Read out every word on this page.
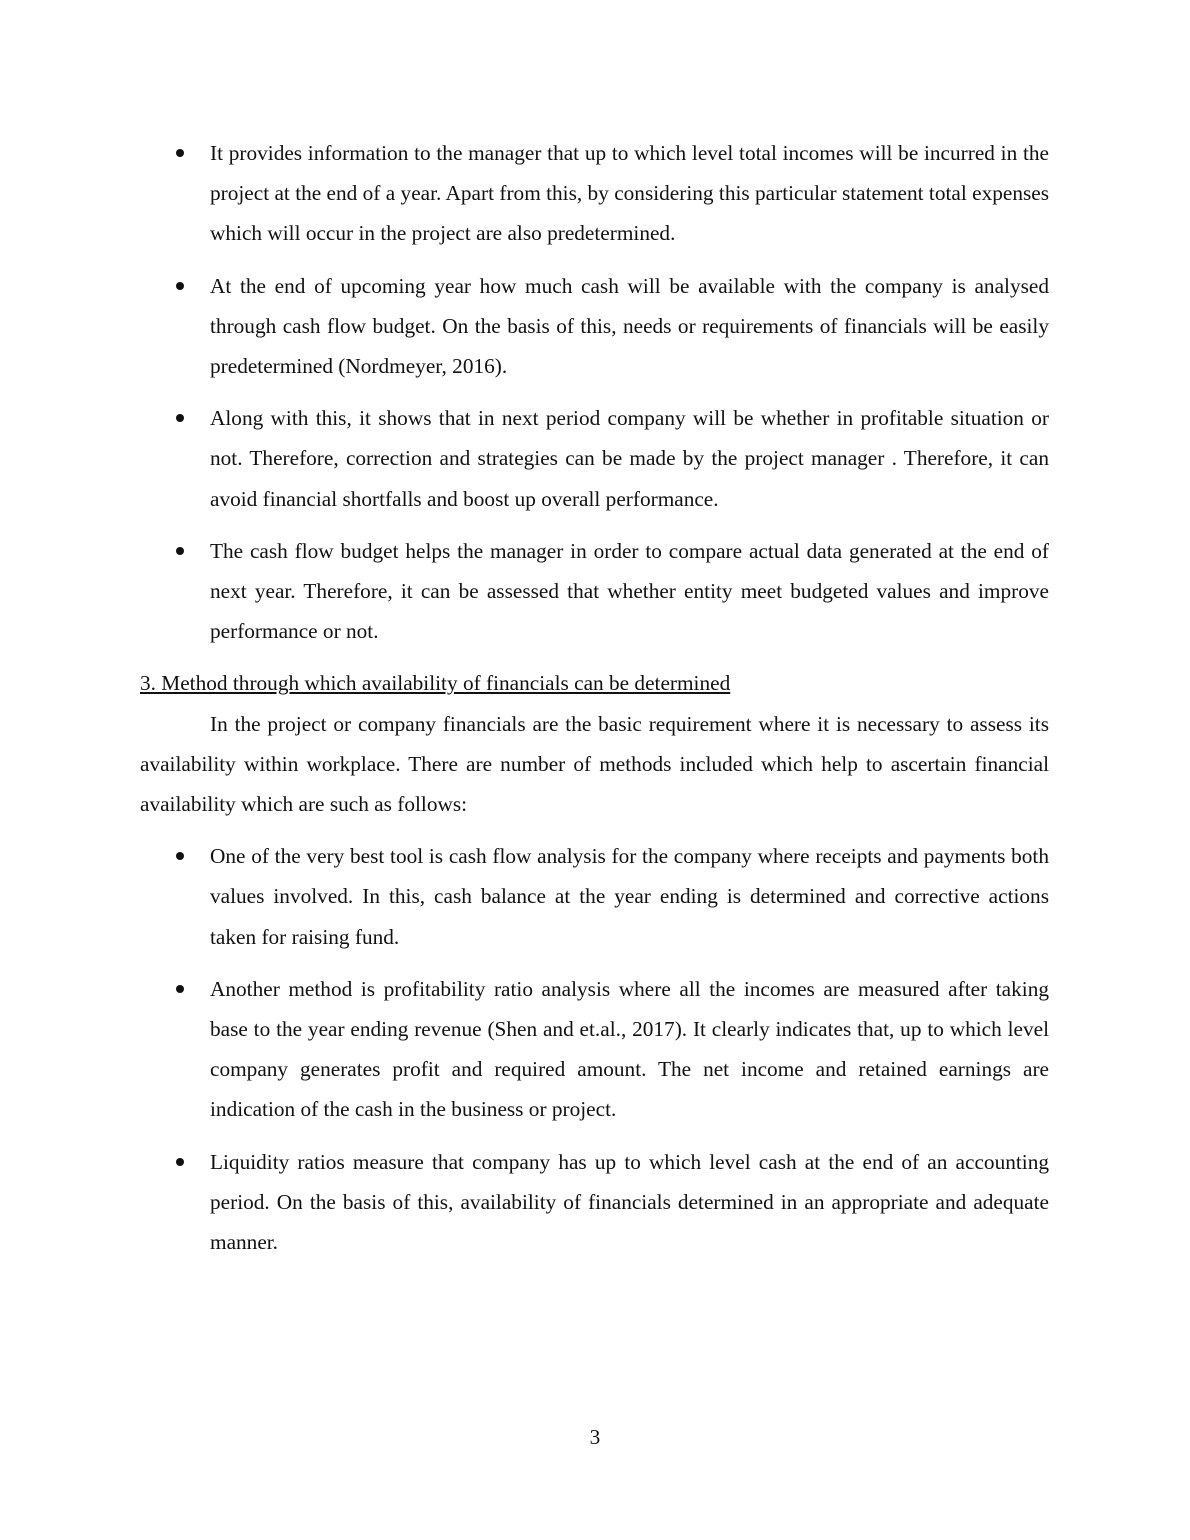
It provides information to the manager that up to which level total incomes will be incurred in the project at the end of a year. Apart from this, by considering this particular statement total expenses which will occur in the project are also predetermined.
At the end of upcoming year how much cash will be available with the company is analysed through cash flow budget. On the basis of this, needs or requirements of financials will be easily predetermined (Nordmeyer, 2016).
Along with this, it shows that in next period company will be whether in profitable situation or not. Therefore, correction and strategies can be made by the project manager . Therefore, it can avoid financial shortfalls and boost up overall performance.
The cash flow budget helps the manager in order to compare actual data generated at the end of next year. Therefore, it can be assessed that whether entity meet budgeted values and improve performance or not.

3. Method through which availability of financials can be determined

In the project or company financials are the basic requirement where it is necessary to assess its availability within workplace. There are number of methods included which help to ascertain financial availability which are such as follows:

One of the very best tool is cash flow analysis for the company where receipts and payments both values involved. In this, cash balance at the year ending is determined and corrective actions taken for raising fund.
Another method is profitability ratio analysis where all the incomes are measured after taking base to the year ending revenue (Shen and et.al., 2017). It clearly indicates that, up to which level company generates profit and required amount. The net income and retained earnings are indication of the cash in the business or project.
Liquidity ratios measure that company has up to which level cash at the end of an accounting period. On the basis of this, availability of financials determined in an appropriate and adequate manner.
3
